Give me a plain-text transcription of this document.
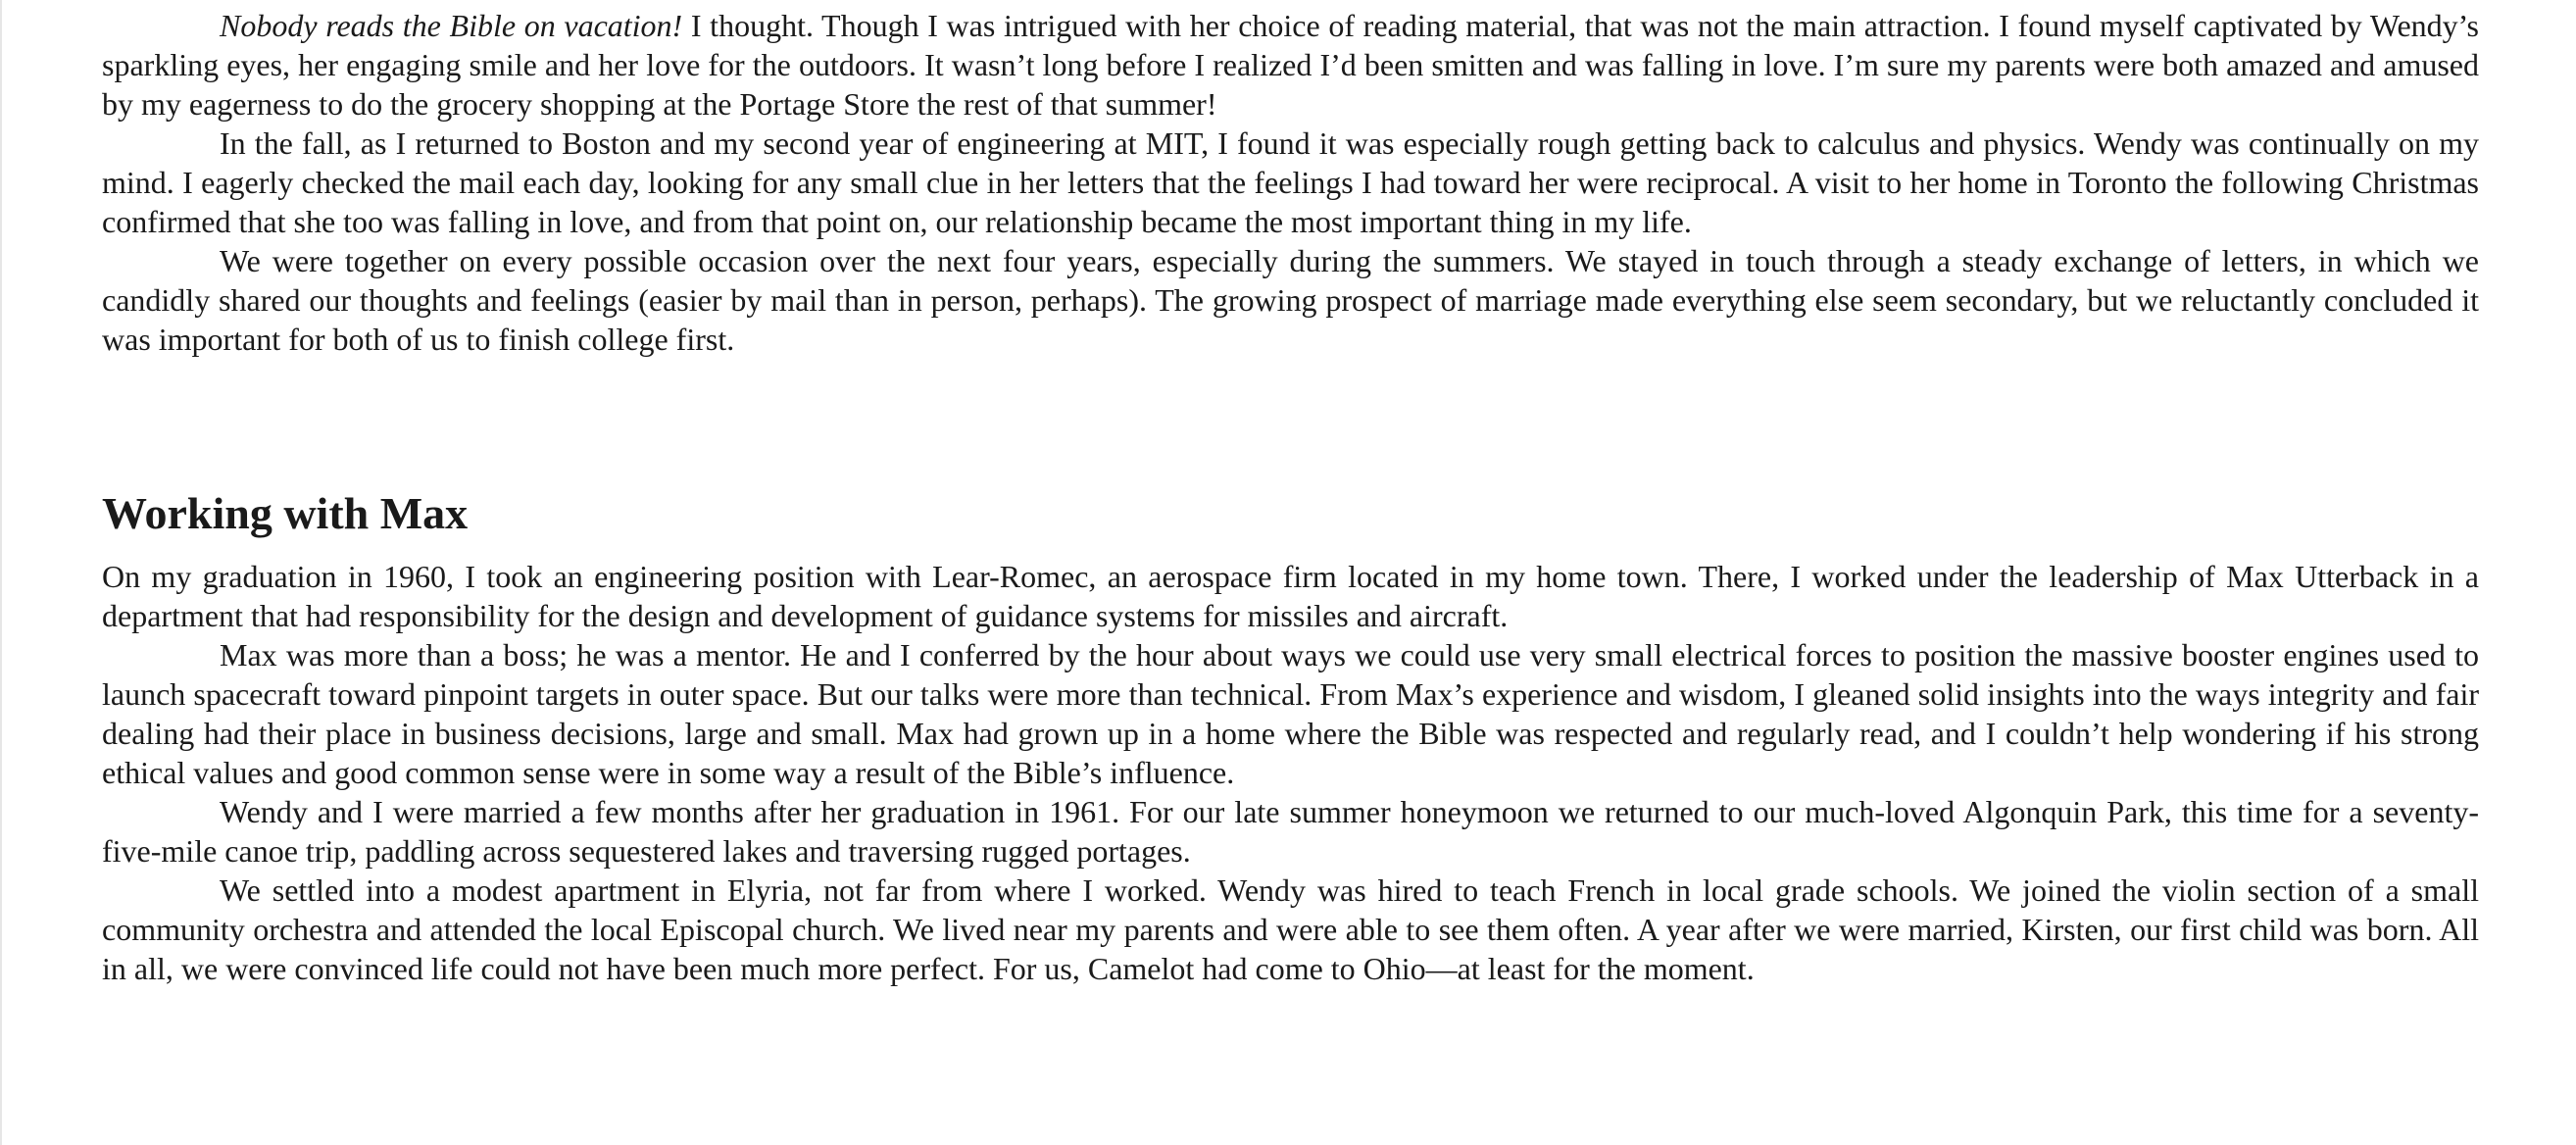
Nobody reads the Bible on vacation! I thought. Though I was intrigued with her choice of reading material, that was not the main attraction. I found myself captivated by Wendy’s sparkling eyes, her engaging smile and her love for the outdoors. It wasn’t long before I realized I’d been smitten and was falling in love. I’m sure my parents were both amazed and amused by my eagerness to do the grocery shopping at the Portage Store the rest of that summer!

In the fall, as I returned to Boston and my second year of engineering at MIT, I found it was especially rough getting back to calculus and physics. Wendy was continually on my mind. I eagerly checked the mail each day, looking for any small clue in her letters that the feelings I had toward her were reciprocal. A visit to her home in Toronto the following Christmas confirmed that she too was falling in love, and from that point on, our relationship became the most important thing in my life.

We were together on every possible occasion over the next four years, especially during the summers. We stayed in touch through a steady exchange of letters, in which we candidly shared our thoughts and feelings (easier by mail than in person, perhaps). The growing prospect of marriage made everything else seem secondary, but we reluctantly concluded it was important for both of us to finish college first.

Working with Max

On my graduation in 1960, I took an engineering position with Lear-Romec, an aerospace firm located in my home town. There, I worked under the leadership of Max Utterback in a department that had responsibility for the design and development of guidance systems for missiles and aircraft.

Max was more than a boss; he was a mentor. He and I conferred by the hour about ways we could use very small electrical forces to position the massive booster engines used to launch spacecraft toward pinpoint targets in outer space. But our talks were more than technical. From Max’s experience and wisdom, I gleaned solid insights into the ways integrity and fair dealing had their place in business decisions, large and small. Max had grown up in a home where the Bible was respected and regularly read, and I couldn’t help wondering if his strong ethical values and good common sense were in some way a result of the Bible’s influence.

Wendy and I were married a few months after her graduation in 1961. For our late summer honeymoon we returned to our much-loved Algonquin Park, this time for a seventy-five-mile canoe trip, paddling across sequestered lakes and traversing rugged portages.

We settled into a modest apartment in Elyria, not far from where I worked. Wendy was hired to teach French in local grade schools. We joined the violin section of a small community orchestra and attended the local Episcopal church. We lived near my parents and were able to see them often. A year after we were married, Kirsten, our first child was born. All in all, we were convinced life could not have been much more perfect. For us, Camelot had come to Ohio—at least for the moment.
